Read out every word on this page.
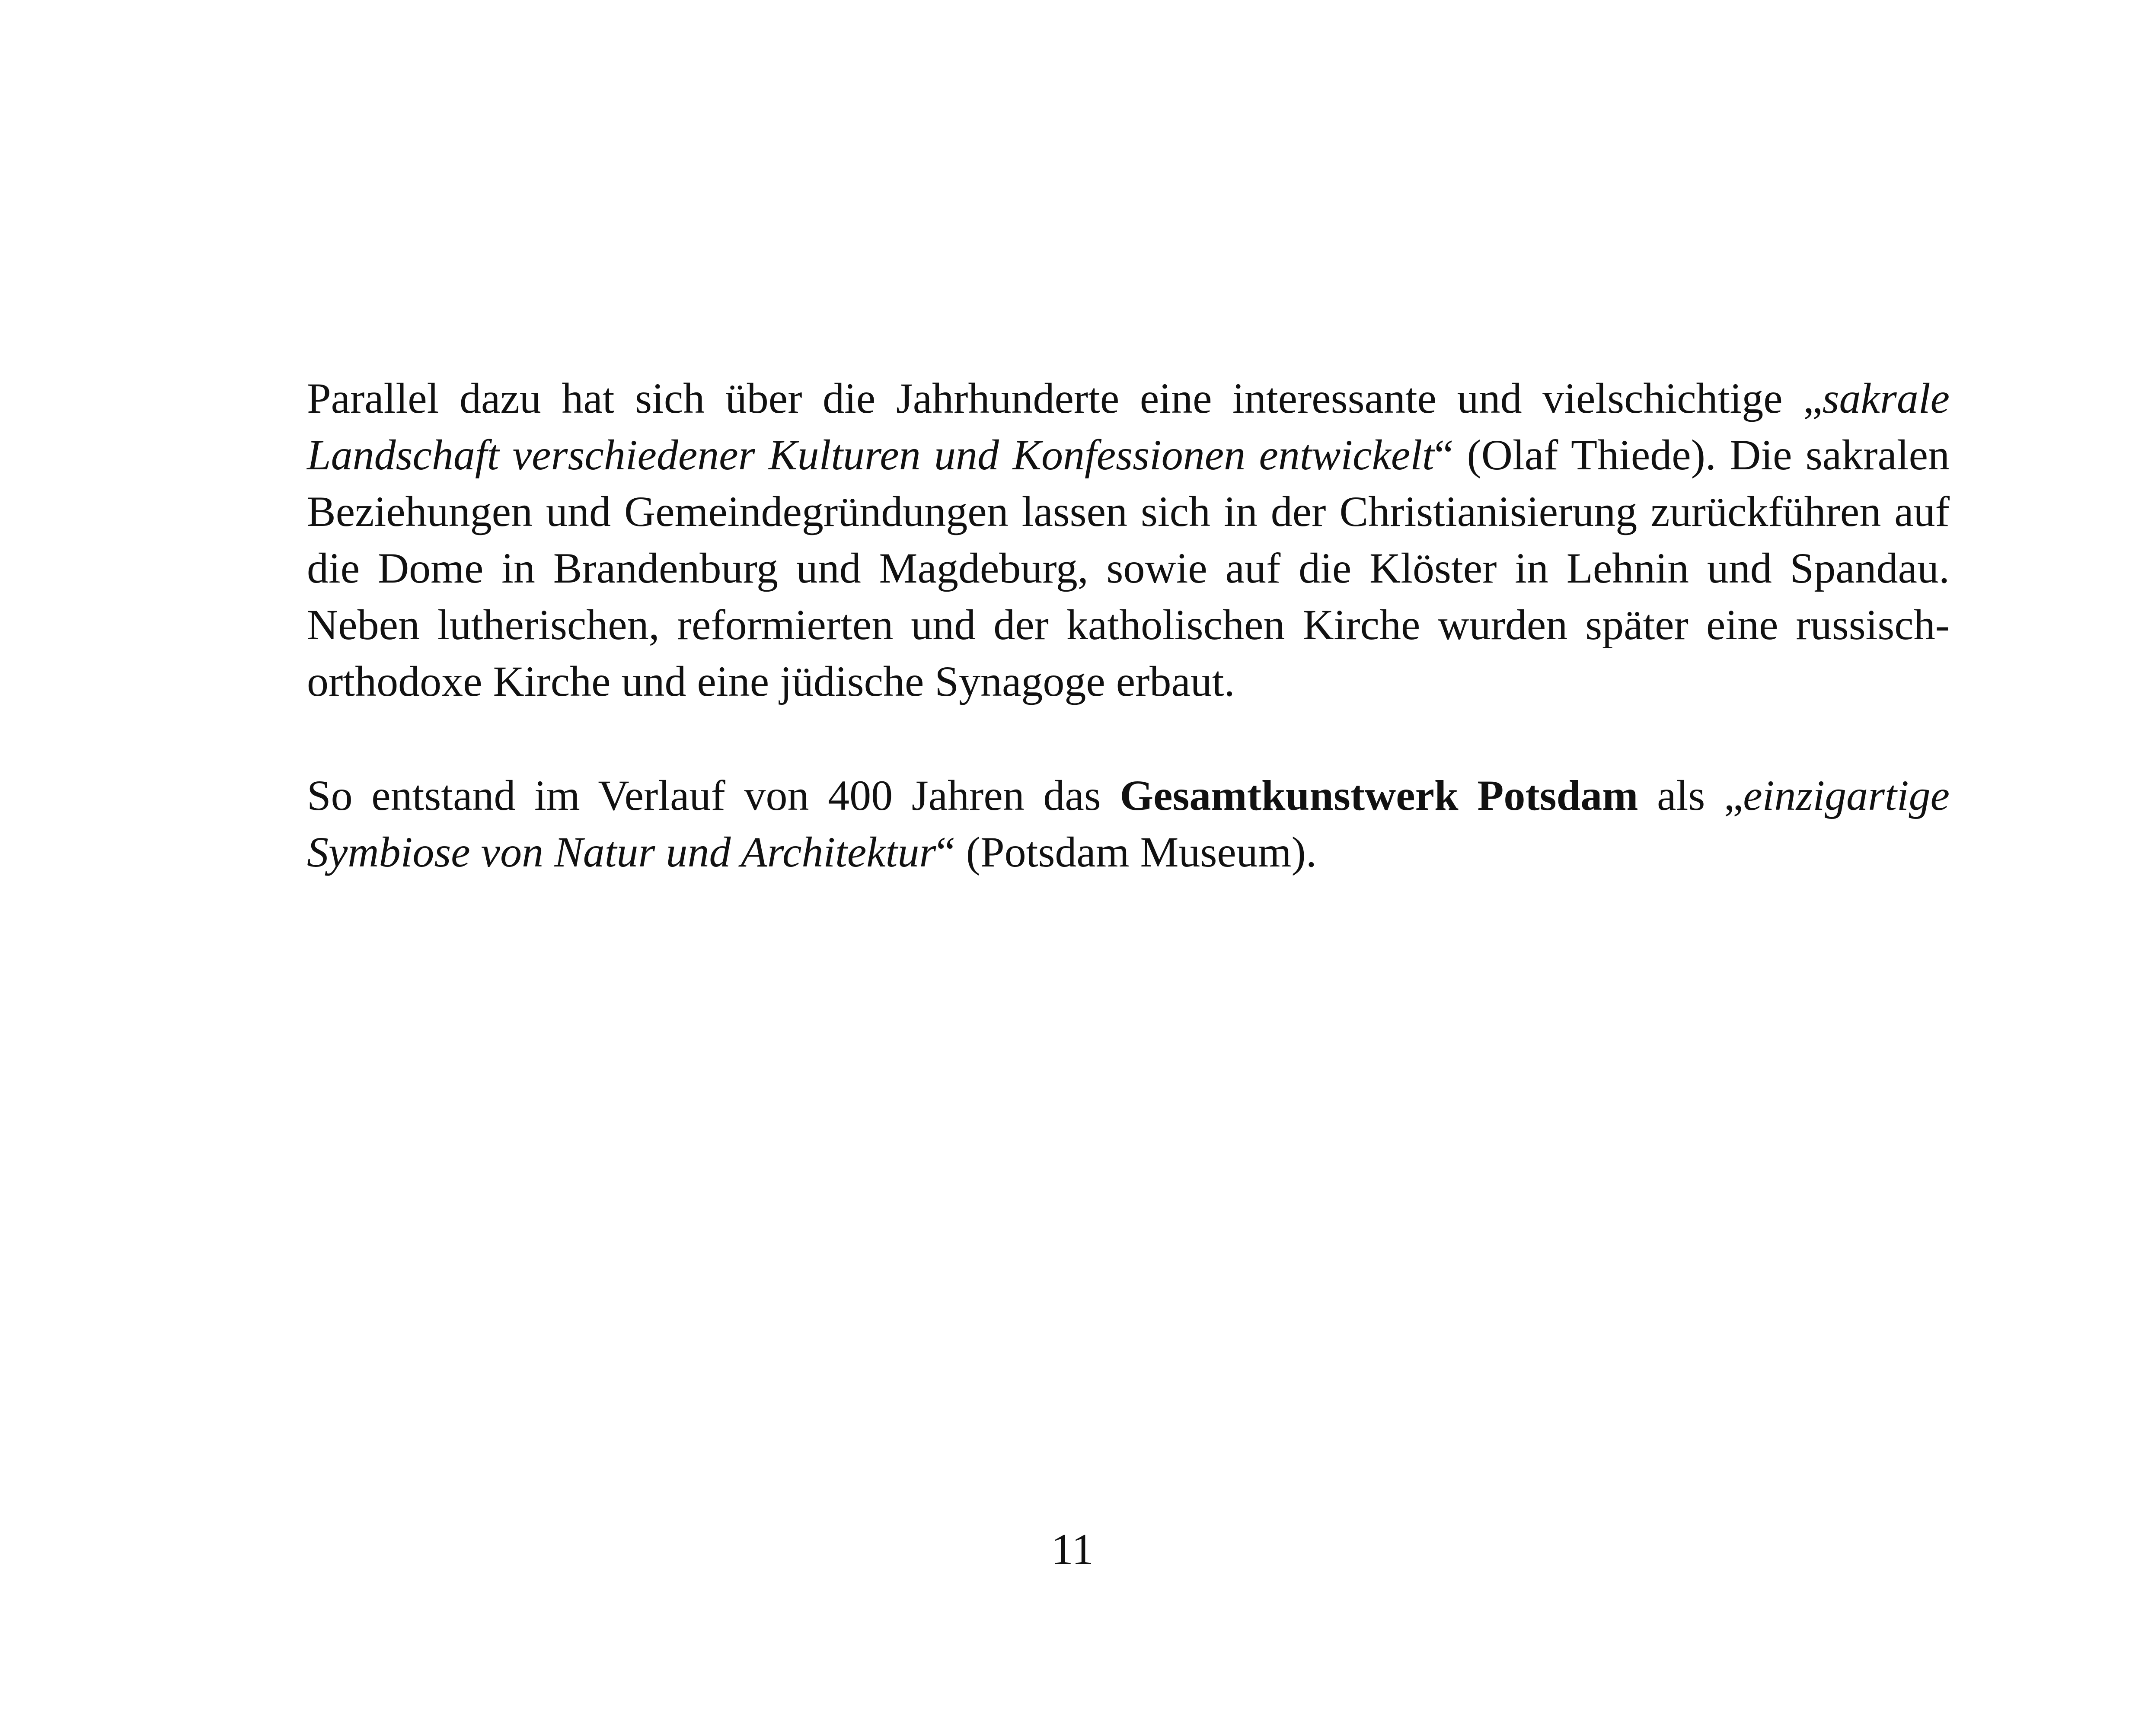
Parallel dazu hat sich über die Jahrhunderte eine interessante und vielschichtige „sakrale Landschaft verschiedener Kulturen und Konfessionen entwickelt“ (Olaf Thiede). Die sakralen Beziehungen und Gemeindegründungen lassen sich in der Christianisierung zurückführen auf die Dome in Brandenburg und Magdeburg, sowie auf die Klöster in Lehnin und Spandau. Neben lutherischen, reformierten und der katholischen Kirche wurden später eine russisch-orthodoxe Kirche und eine jüdische Synagoge erbaut.

So entstand im Verlauf von 400 Jahren das Gesamtkunstwerk Potsdam als „einzigartige Symbiose von Natur und Architektur“ (Potsdam Museum).

11
